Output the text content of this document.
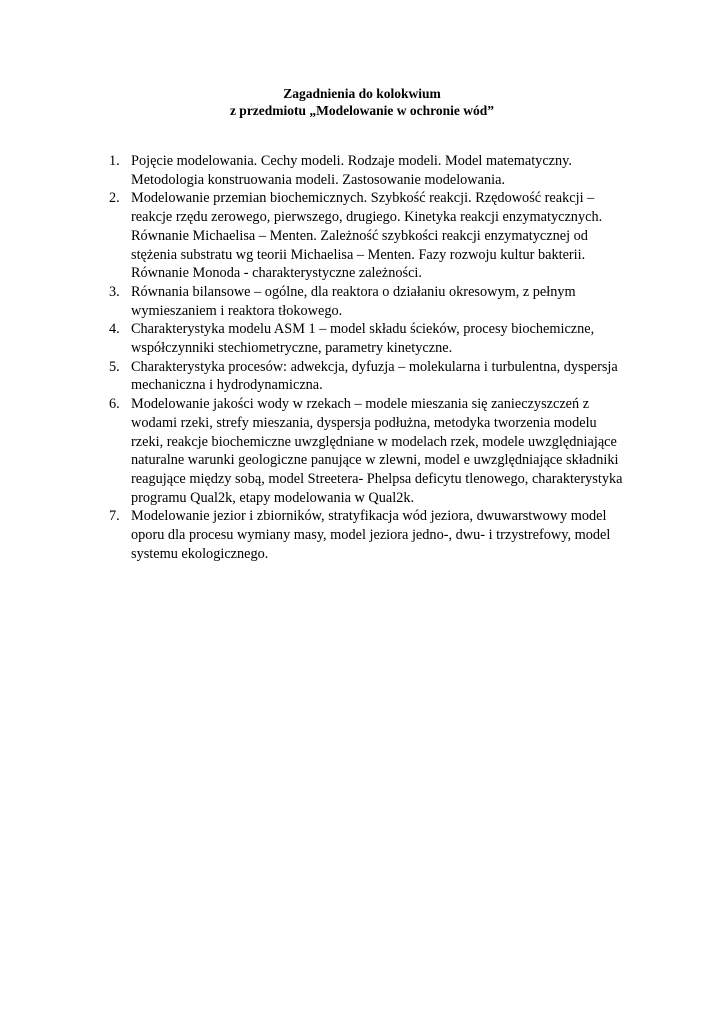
Zagadnienia do kolokwium
z przedmiotu „Modelowanie w ochronie wód”
1. Pojęcie modelowania. Cechy modeli. Rodzaje modeli. Model matematyczny.
Metodologia konstruowania modeli. Zastosowanie modelowania.
2. Modelowanie przemian biochemicznych. Szybkość reakcji. Rzędowość reakcji –
reakcje rzędu zerowego, pierwszego, drugiego. Kinetyka reakcji enzymatycznych.
Równanie Michaelisa – Menten. Zależność szybkości reakcji enzymatycznej od
stężenia substratu wg teorii Michaelisa – Menten. Fazy rozwoju kultur bakterii.
Równanie Monoda - charakterystyczne zależności.
3. Równania bilansowe – ogólne, dla reaktora o działaniu okresowym, z pełnym
wymieszaniem i reaktora tłokowego.
4. Charakterystyka modelu ASM 1 – model składu ścieków, procesy biochemiczne,
współczynniki stechiometryczne, parametry kinetyczne.
5. Charakterystyka procesów: adwekcja, dyfuzja – molekularna i turbulentna, dyspersja
mechaniczna i hydrodynamiczna.
6. Modelowanie jakości wody w rzekach – modele mieszania się zanieczyszczeń z
wodami rzeki, strefy mieszania, dyspersja podłużna, metodyka tworzenia modelu
rzeki, reakcje biochemiczne uwzględniane w modelach rzek, modele uwzględniające
naturalne warunki geologiczne panujące w zlewni, model e uwzględniające składniki
reagujące między sobą, model Streetera- Phelpsa deficytu tlenowego, charakterystyka
programu Qual2k, etapy modelowania w Qual2k.
7. Modelowanie jezior i zbiorników, stratyfikacja wód jeziora, dwuwarstwowy model
oporu dla procesu wymiany masy, model jeziora jedno-, dwu- i trzystrefowy, model
systemu ekologicznego.
